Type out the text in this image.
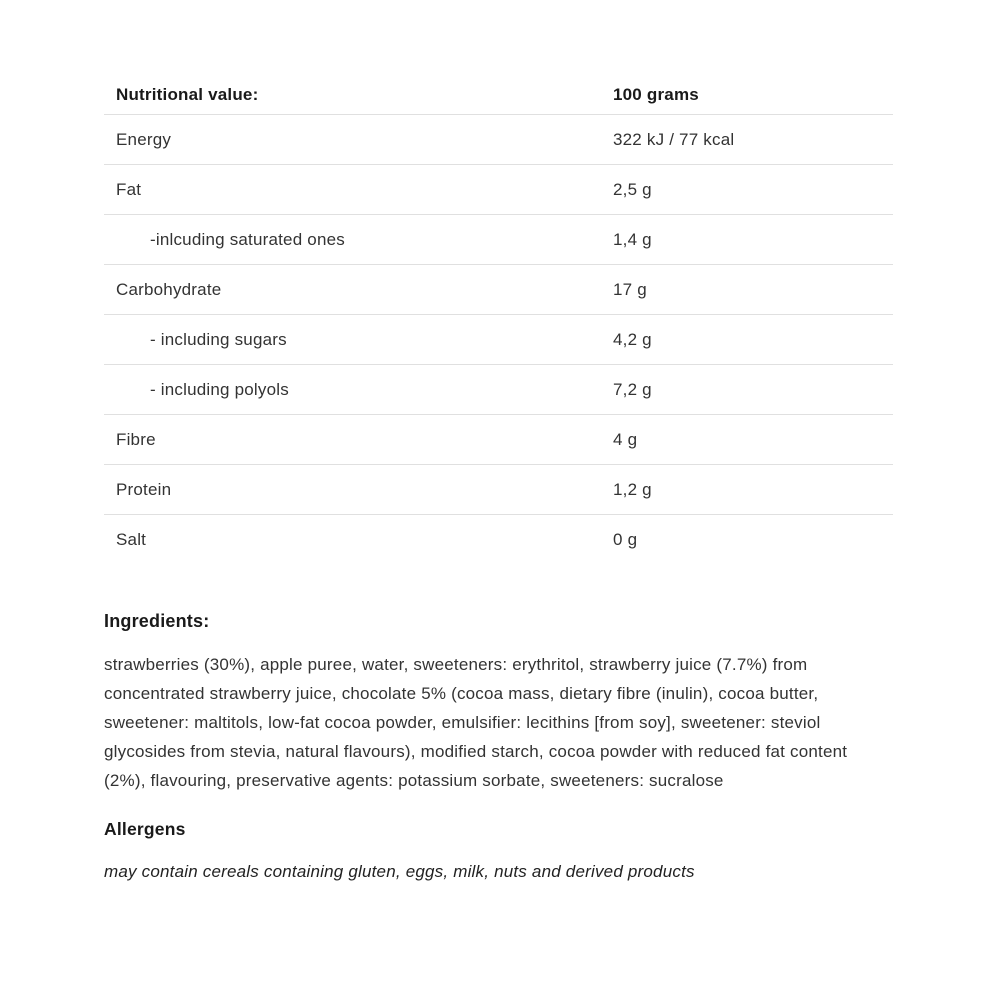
Nutritional value:	100 grams
Energy	322 kJ / 77 kcal
Fat	2,5 g
-inlcuding saturated ones	1,4 g
Carbohydrate	17 g
- including sugars	4,2 g
- including polyols	7,2 g
Fibre	4 g
Protein	1,2 g
Salt	0 g
Ingredients:
strawberries (30%), apple puree, water, sweeteners: erythritol, strawberry juice (7.7%) from concentrated strawberry juice, chocolate 5% (cocoa mass, dietary fibre (inulin), cocoa butter, sweetener: maltitols, low-fat cocoa powder, emulsifier: lecithins [from soy], sweetener: steviol glycosides from stevia, natural flavours), modified starch, cocoa powder with reduced fat content (2%), flavouring, preservative agents: potassium sorbate, sweeteners: sucralose
Allergens
may contain cereals containing gluten, eggs, milk, nuts and derived products
